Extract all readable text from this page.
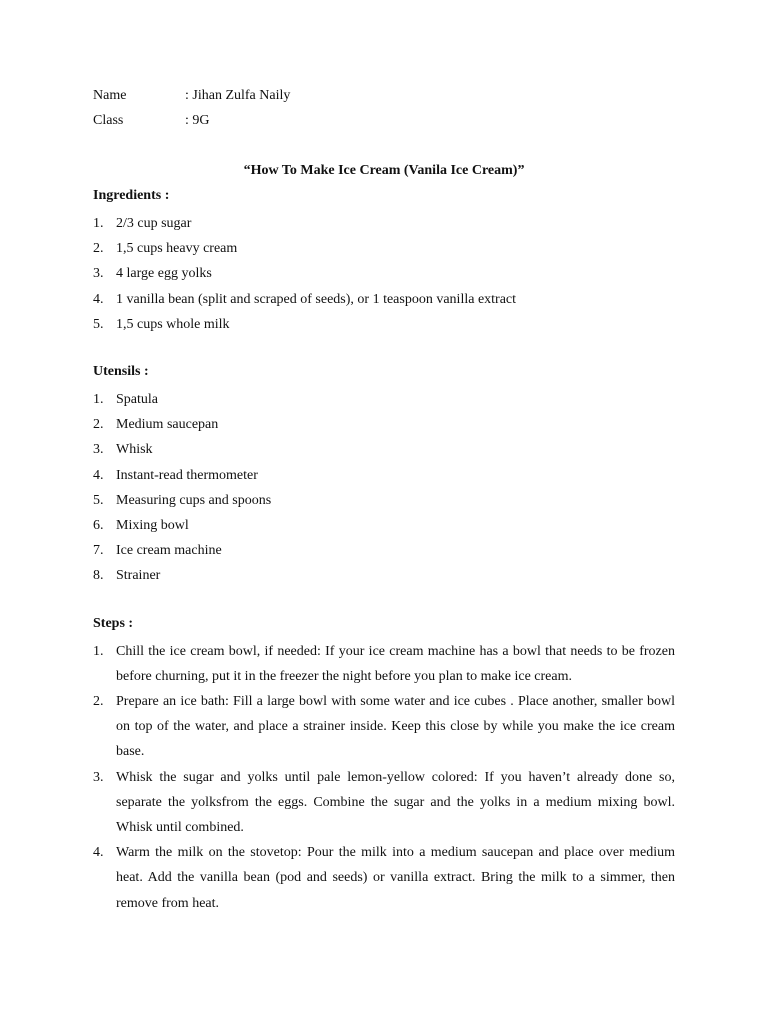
Name	: Jihan Zulfa Naily
Class	: 9G
“How To Make Ice Cream (Vanila Ice Cream)”
Ingredients :
1. 2/3 cup sugar
2. 1,5 cups heavy cream
3. 4 large egg yolks
4. 1 vanilla bean (split and scraped of seeds), or 1 teaspoon vanilla extract
5. 1,5 cups whole milk
Utensils :
1. Spatula
2. Medium saucepan
3. Whisk
4. Instant-read thermometer
5. Measuring cups and spoons
6. Mixing bowl
7. Ice cream machine
8. Strainer
Steps :
1. Chill the ice cream bowl, if needed: If your ice cream machine has a bowl that needs to be frozen before churning, put it in the freezer the night before you plan to make ice cream.
2. Prepare an ice bath: Fill a large bowl with some water and ice cubes . Place another, smaller bowl on top of the water, and place a strainer inside. Keep this close by while you make the ice cream base.
3. Whisk the sugar and yolks until pale lemon-yellow colored: If you haven’t already done so, separate the yolksfrom the eggs. Combine the sugar and the yolks in a medium mixing bowl. Whisk until combined.
4. Warm the milk on the stovetop: Pour the milk into a medium saucepan and place over medium heat. Add the vanilla bean (pod and seeds) or vanilla extract. Bring the milk to a simmer, then remove from heat.
